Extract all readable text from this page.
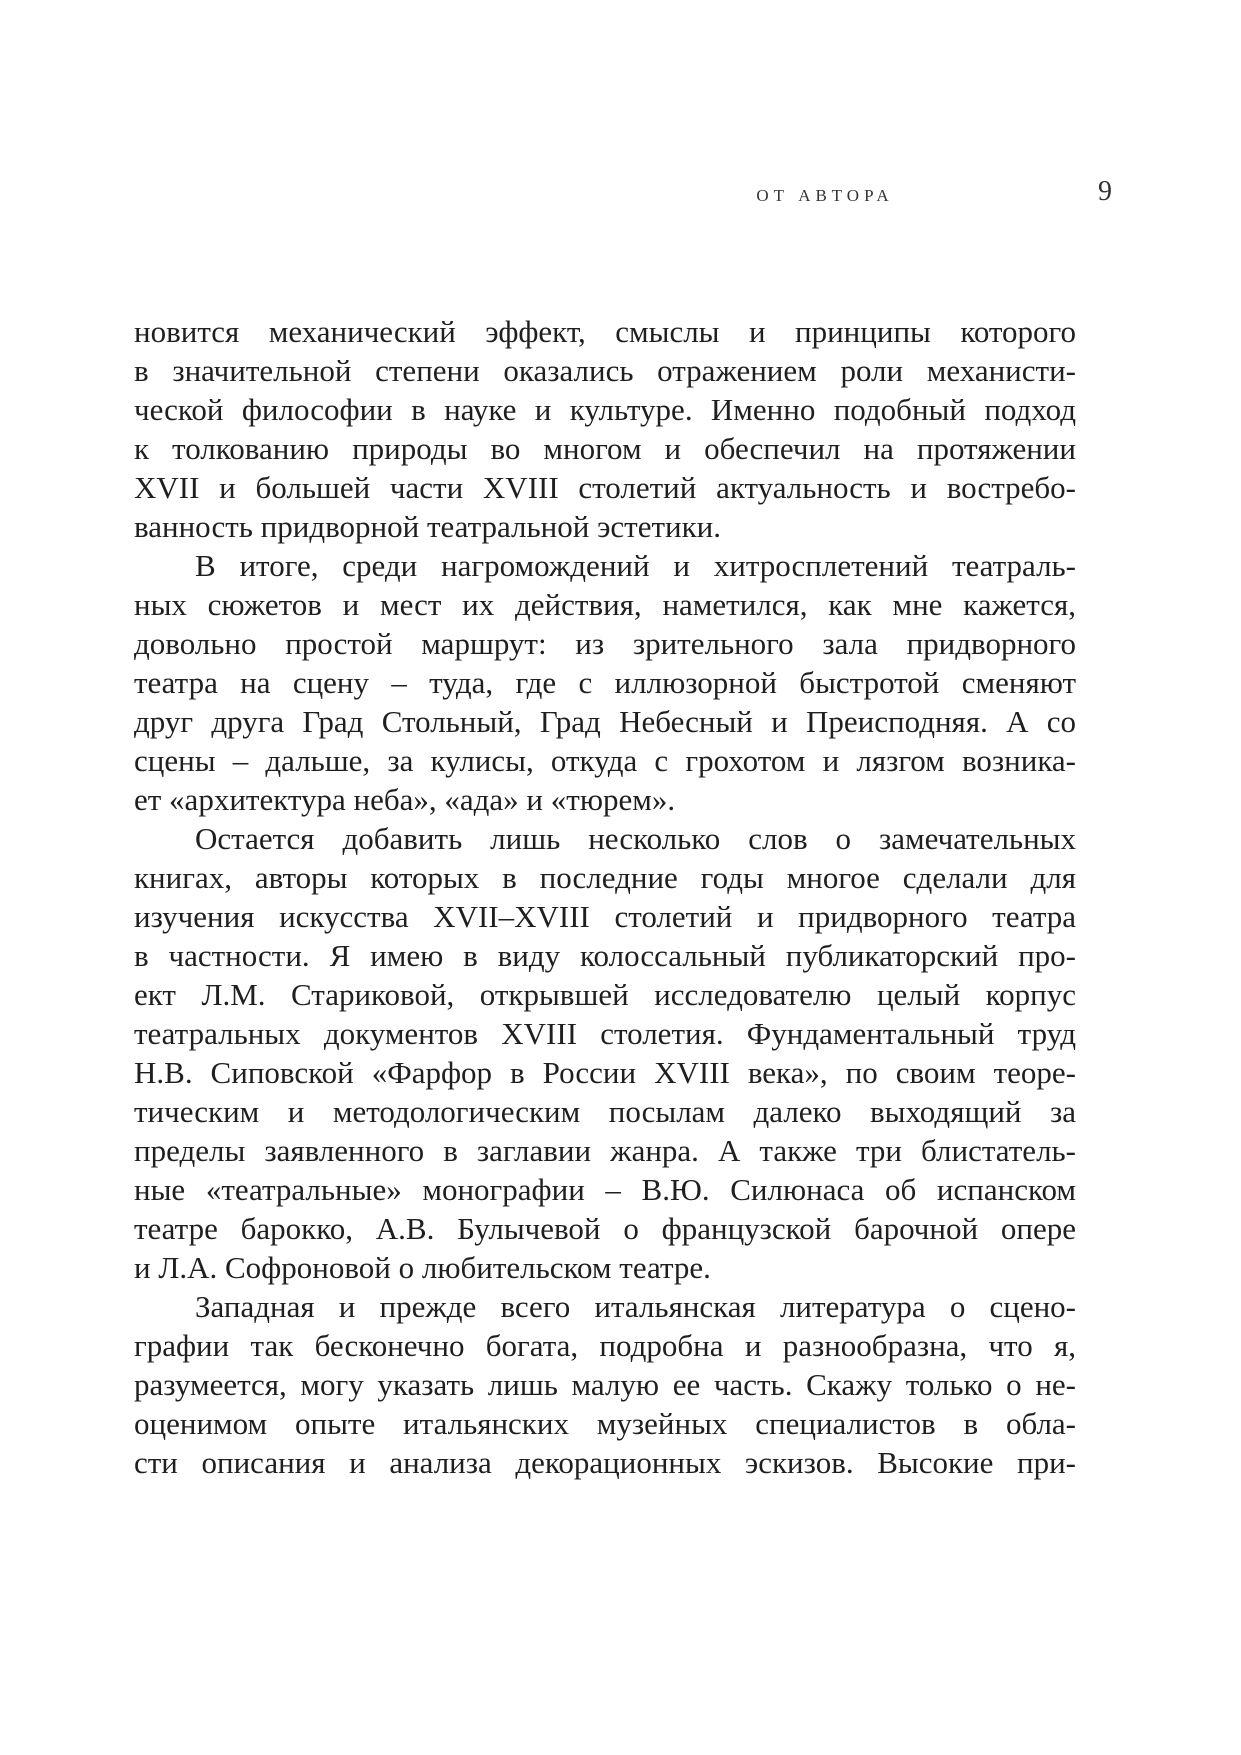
ОТ АВТОРА	9
новится механический эффект, смыслы и принципы которого
в значительной степени оказались отражением роли механисти-
ческой философии в науке и культуре. Именно подобный подход
к толкованию природы во многом и обеспечил на протяжении
XVII и большей части XVIII столетий актуальность и востребо-
ванность придворной театральной эстетики.
В итоге, среди нагромождений и хитросплетений театраль-
ных сюжетов и мест их действия, наметился, как мне кажется,
довольно простой маршрут: из зрительного зала придворного
театра на сцену – туда, где с иллюзорной быстротой сменяют
друг друга Град Стольный, Град Небесный и Преисподняя. А со
сцены – дальше, за кулисы, откуда с грохотом и лязгом возника-
ет «архитектура неба», «ада» и «тюрем».
Остается добавить лишь несколько слов о замечательных
книгах, авторы которых в последние годы многое сделали для
изучения искусства XVII–XVIII столетий и придворного театра
в частности. Я имею в виду колоссальный публикаторский про-
ект Л.М. Стариковой, открывшей исследователю целый корпус
театральных документов XVIII столетия. Фундаментальный труд
Н.В. Сиповской «Фарфор в России XVIII века», по своим теоре-
тическим и методологическим посылам далеко выходящий за
пределы заявленного в заглавии жанра. А также три блистатель-
ные «театральные» монографии – В.Ю. Силюнаса об испанском
театре барокко, А.В. Булычевой о французской барочной опере
и Л.А. Софроновой о любительском театре.
Западная и прежде всего итальянская литература о сцено-
графии так бесконечно богата, подробна и разнообразна, что я,
разумеется, могу указать лишь малую ее часть. Скажу только о не-
оценимом опыте итальянских музейных специалистов в обла-
сти описания и анализа декорационных эскизов. Высокие при-
